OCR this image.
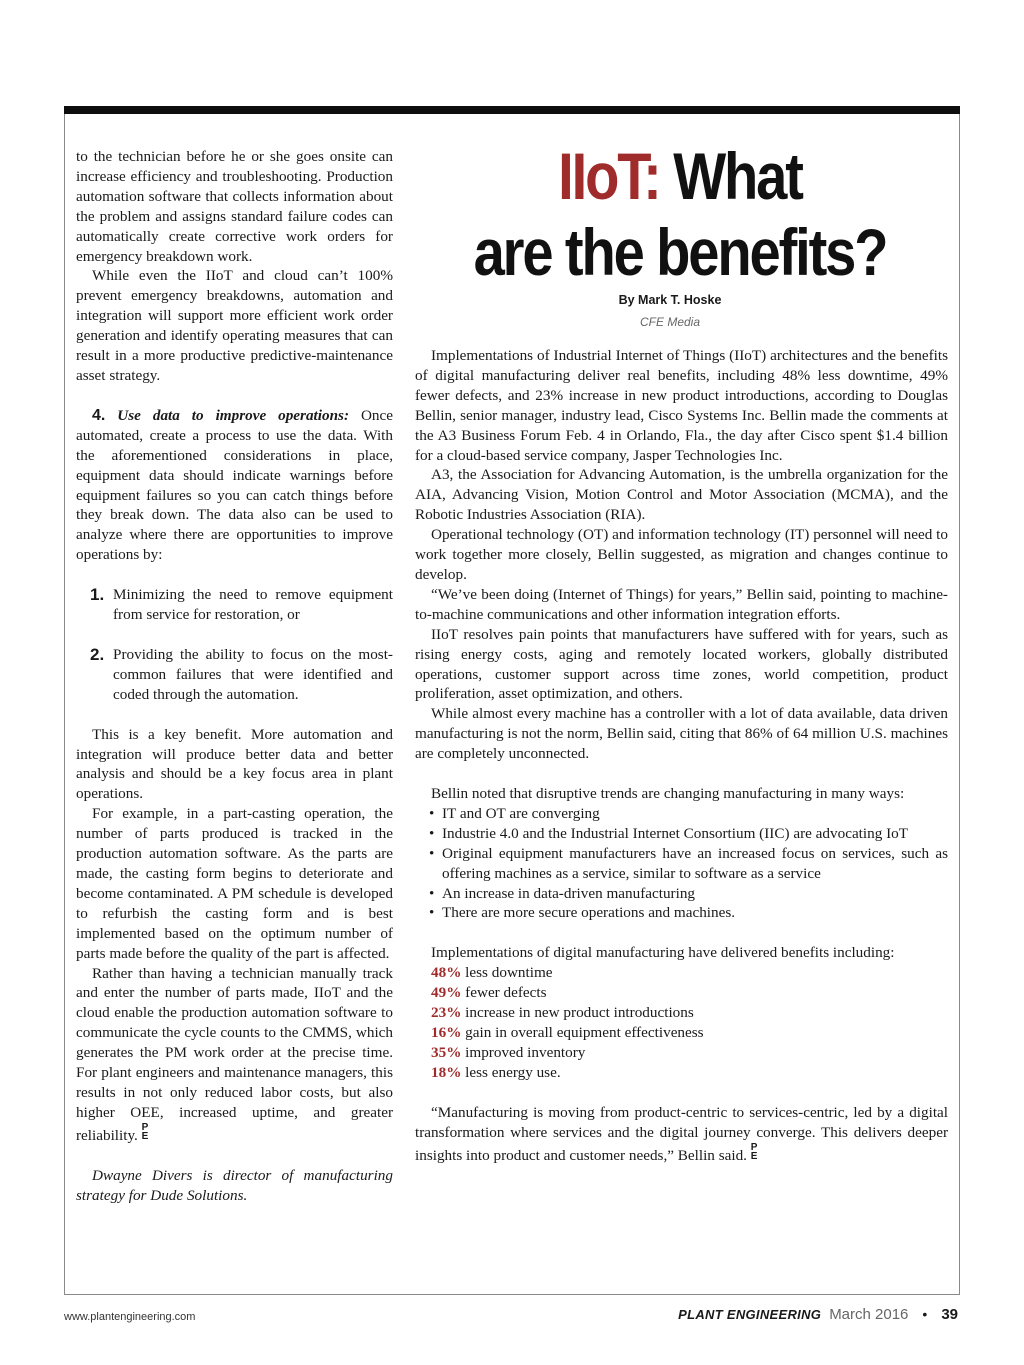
to the technician before he or she goes onsite can increase efficiency and troubleshooting. Production automation software that collects information about the problem and assigns standard failure codes can automatically create corrective work orders for emergency breakdown work.

While even the IIoT and cloud can’t 100% prevent emergency breakdowns, automation and integration will support more efficient work order generation and identify operating measures that can result in a more productive predictive-maintenance asset strategy.

4. Use data to improve operations: Once automated, create a process to use the data. With the aforementioned considerations in place, equipment data should indicate warnings before equipment failures so you can catch things before they break down. The data also can be used to analyze where there are opportunities to improve operations by:

1. Minimizing the need to remove equipment from service for restoration, or
2. Providing the ability to focus on the most-common failures that were identified and coded through the automation.

This is a key benefit. More automation and integration will produce better data and better analysis and should be a key focus area in plant operations.

For example, in a part-casting operation, the number of parts produced is tracked in the production automation software. As the parts are made, the casting form begins to deteriorate and become contaminated. A PM schedule is developed to refurbish the casting form and is best implemented based on the optimum number of parts made before the quality of the part is affected.

Rather than having a technician manually track and enter the number of parts made, IIoT and the cloud enable the production automation software to communicate the cycle counts to the CMMS, which generates the PM work order at the precise time. For plant engineers and maintenance managers, this results in not only reduced labor costs, but also higher OEE, increased uptime, and greater reliability. P
E

Dwayne Divers is director of manufacturing strategy for Dude Solutions.

IIoT: What
are the benefits?
By Mark T. Hoske
CFE Media

Implementations of Industrial Internet of Things (IIoT) architectures and the benefits of digital manufacturing deliver real benefits, including 48% less downtime, 49% fewer defects, and 23% increase in new product introductions, according to Douglas Bellin, senior manager, industry lead, Cisco Systems Inc. Bellin made the comments at the A3 Business Forum Feb. 4 in Orlando, Fla., the day after Cisco spent $1.4 billion for a cloud-based service company, Jasper Technologies Inc.

A3, the Association for Advancing Automation, is the umbrella organization for the AIA, Advancing Vision, Motion Control and Motor Association (MCMA), and the Robotic Industries Association (RIA).

Operational technology (OT) and information technology (IT) personnel will need to work together more closely, Bellin suggested, as migration and changes continue to develop.

“We’ve been doing (Internet of Things) for years,” Bellin said, pointing to machine-to-machine communications and other information integration efforts.

IIoT resolves pain points that manufacturers have suffered with for years, such as rising energy costs, aging and remotely located workers, globally distributed operations, customer support across time zones, world competition, product proliferation, asset optimization, and others.

While almost every machine has a controller with a lot of data available, data driven manufacturing is not the norm, Bellin said, citing that 86% of 64 million U.S. machines are completely unconnected.

Bellin noted that disruptive trends are changing manufacturing in many ways:

• IT and OT are converging
• Industrie 4.0 and the Industrial Internet Consortium (IIC) are advocating IoT
• Original equipment manufacturers have an increased focus on services, such as offering machines as a service, similar to software as a service
• An increase in data-driven manufacturing
• There are more secure operations and machines.

Implementations of digital manufacturing have delivered benefits including:

48% less downtime
49% fewer defects
23% increase in new product introductions
16% gain in overall equipment effectiveness
35% improved inventory
18% less energy use.

“Manufacturing is moving from product-centric to services-centric, led by a digital transformation where services and the digital journey converge. This delivers deeper insights into product and customer needs,” Bellin said. P
E

www.plantengineering.com	PLANT ENGINEERING March 2016 • 39
